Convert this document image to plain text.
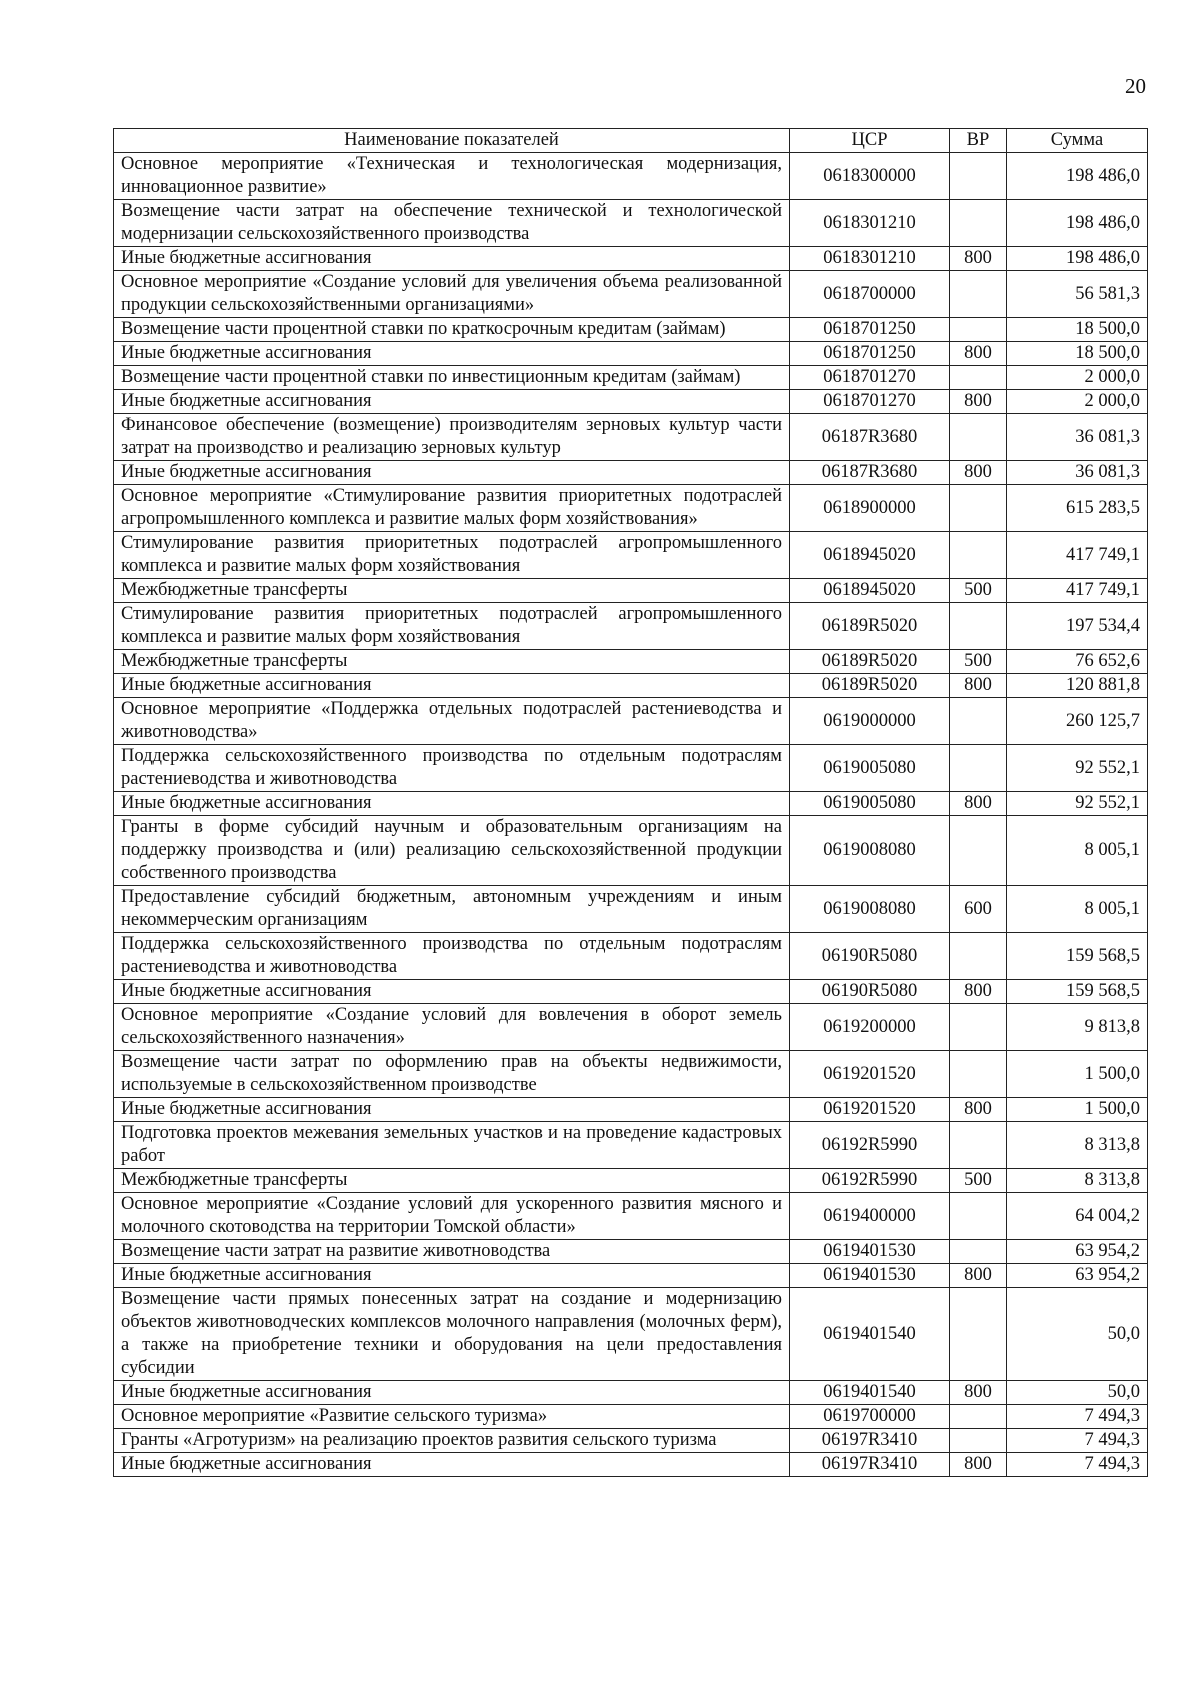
20
Наименование показателей	ЦСР	ВР	Сумма
Основное мероприятие «Техническая и технологическая модернизация, инновационное развитие»	0618300000		198 486,0
Возмещение части затрат на обеспечение технической и технологической модернизации сельскохозяйственного производства	0618301210		198 486,0
Иные бюджетные ассигнования	0618301210	800	198 486,0
Основное мероприятие «Создание условий для увеличения объема реализованной продукции сельскохозяйственными организациями»	0618700000		56 581,3
Возмещение части процентной ставки по краткосрочным кредитам (займам)	0618701250		18 500,0
Иные бюджетные ассигнования	0618701250	800	18 500,0
Возмещение части процентной ставки по инвестиционным кредитам (займам)	0618701270		2 000,0
Иные бюджетные ассигнования	0618701270	800	2 000,0
Финансовое обеспечение (возмещение) производителям зерновых культур части затрат на производство и реализацию зерновых культур	06187R3680		36 081,3
Иные бюджетные ассигнования	06187R3680	800	36 081,3
Основное мероприятие «Стимулирование развития приоритетных подотраслей агропромышленного комплекса и развитие малых форм хозяйствования»	0618900000		615 283,5
Стимулирование развития приоритетных подотраслей агропромышленного комплекса и развитие малых форм хозяйствования	0618945020		417 749,1
Межбюджетные трансферты	0618945020	500	417 749,1
Стимулирование развития приоритетных подотраслей агропромышленного комплекса и развитие малых форм хозяйствования	06189R5020		197 534,4
Межбюджетные трансферты	06189R5020	500	76 652,6
Иные бюджетные ассигнования	06189R5020	800	120 881,8
Основное мероприятие «Поддержка отдельных подотраслей растениеводства и животноводства»	0619000000		260 125,7
Поддержка сельскохозяйственного производства по отдельным подотраслям растениеводства и животноводства	0619005080		92 552,1
Иные бюджетные ассигнования	0619005080	800	92 552,1
Гранты в форме субсидий научным и образовательным организациям на поддержку производства и (или) реализацию сельскохозяйственной продукции собственного производства	0619008080		8 005,1
Предоставление субсидий бюджетным, автономным учреждениям и иным некоммерческим организациям	0619008080	600	8 005,1
Поддержка сельскохозяйственного производства по отдельным подотраслям растениеводства и животноводства	06190R5080		159 568,5
Иные бюджетные ассигнования	06190R5080	800	159 568,5
Основное мероприятие «Создание условий для вовлечения в оборот земель сельскохозяйственного назначения»	0619200000		9 813,8
Возмещение части затрат по оформлению прав на объекты недвижимости, используемые в сельскохозяйственном производстве	0619201520		1 500,0
Иные бюджетные ассигнования	0619201520	800	1 500,0
Подготовка проектов межевания земельных участков и на проведение кадастровых работ	06192R5990		8 313,8
Межбюджетные трансферты	06192R5990	500	8 313,8
Основное мероприятие «Создание условий для ускоренного развития мясного и молочного скотоводства на территории Томской области»	0619400000		64 004,2
Возмещение части затрат на развитие животноводства	0619401530		63 954,2
Иные бюджетные ассигнования	0619401530	800	63 954,2
Возмещение части прямых понесенных затрат на создание и модернизацию объектов животноводческих комплексов молочного направления (молочных ферм), а также на приобретение техники и оборудования на цели предоставления субсидии	0619401540		50,0
Иные бюджетные ассигнования	0619401540	800	50,0
Основное мероприятие «Развитие сельского туризма»	0619700000		7 494,3
Гранты «Агротуризм» на реализацию проектов развития сельского туризма	06197R3410		7 494,3
Иные бюджетные ассигнования	06197R3410	800	7 494,3
